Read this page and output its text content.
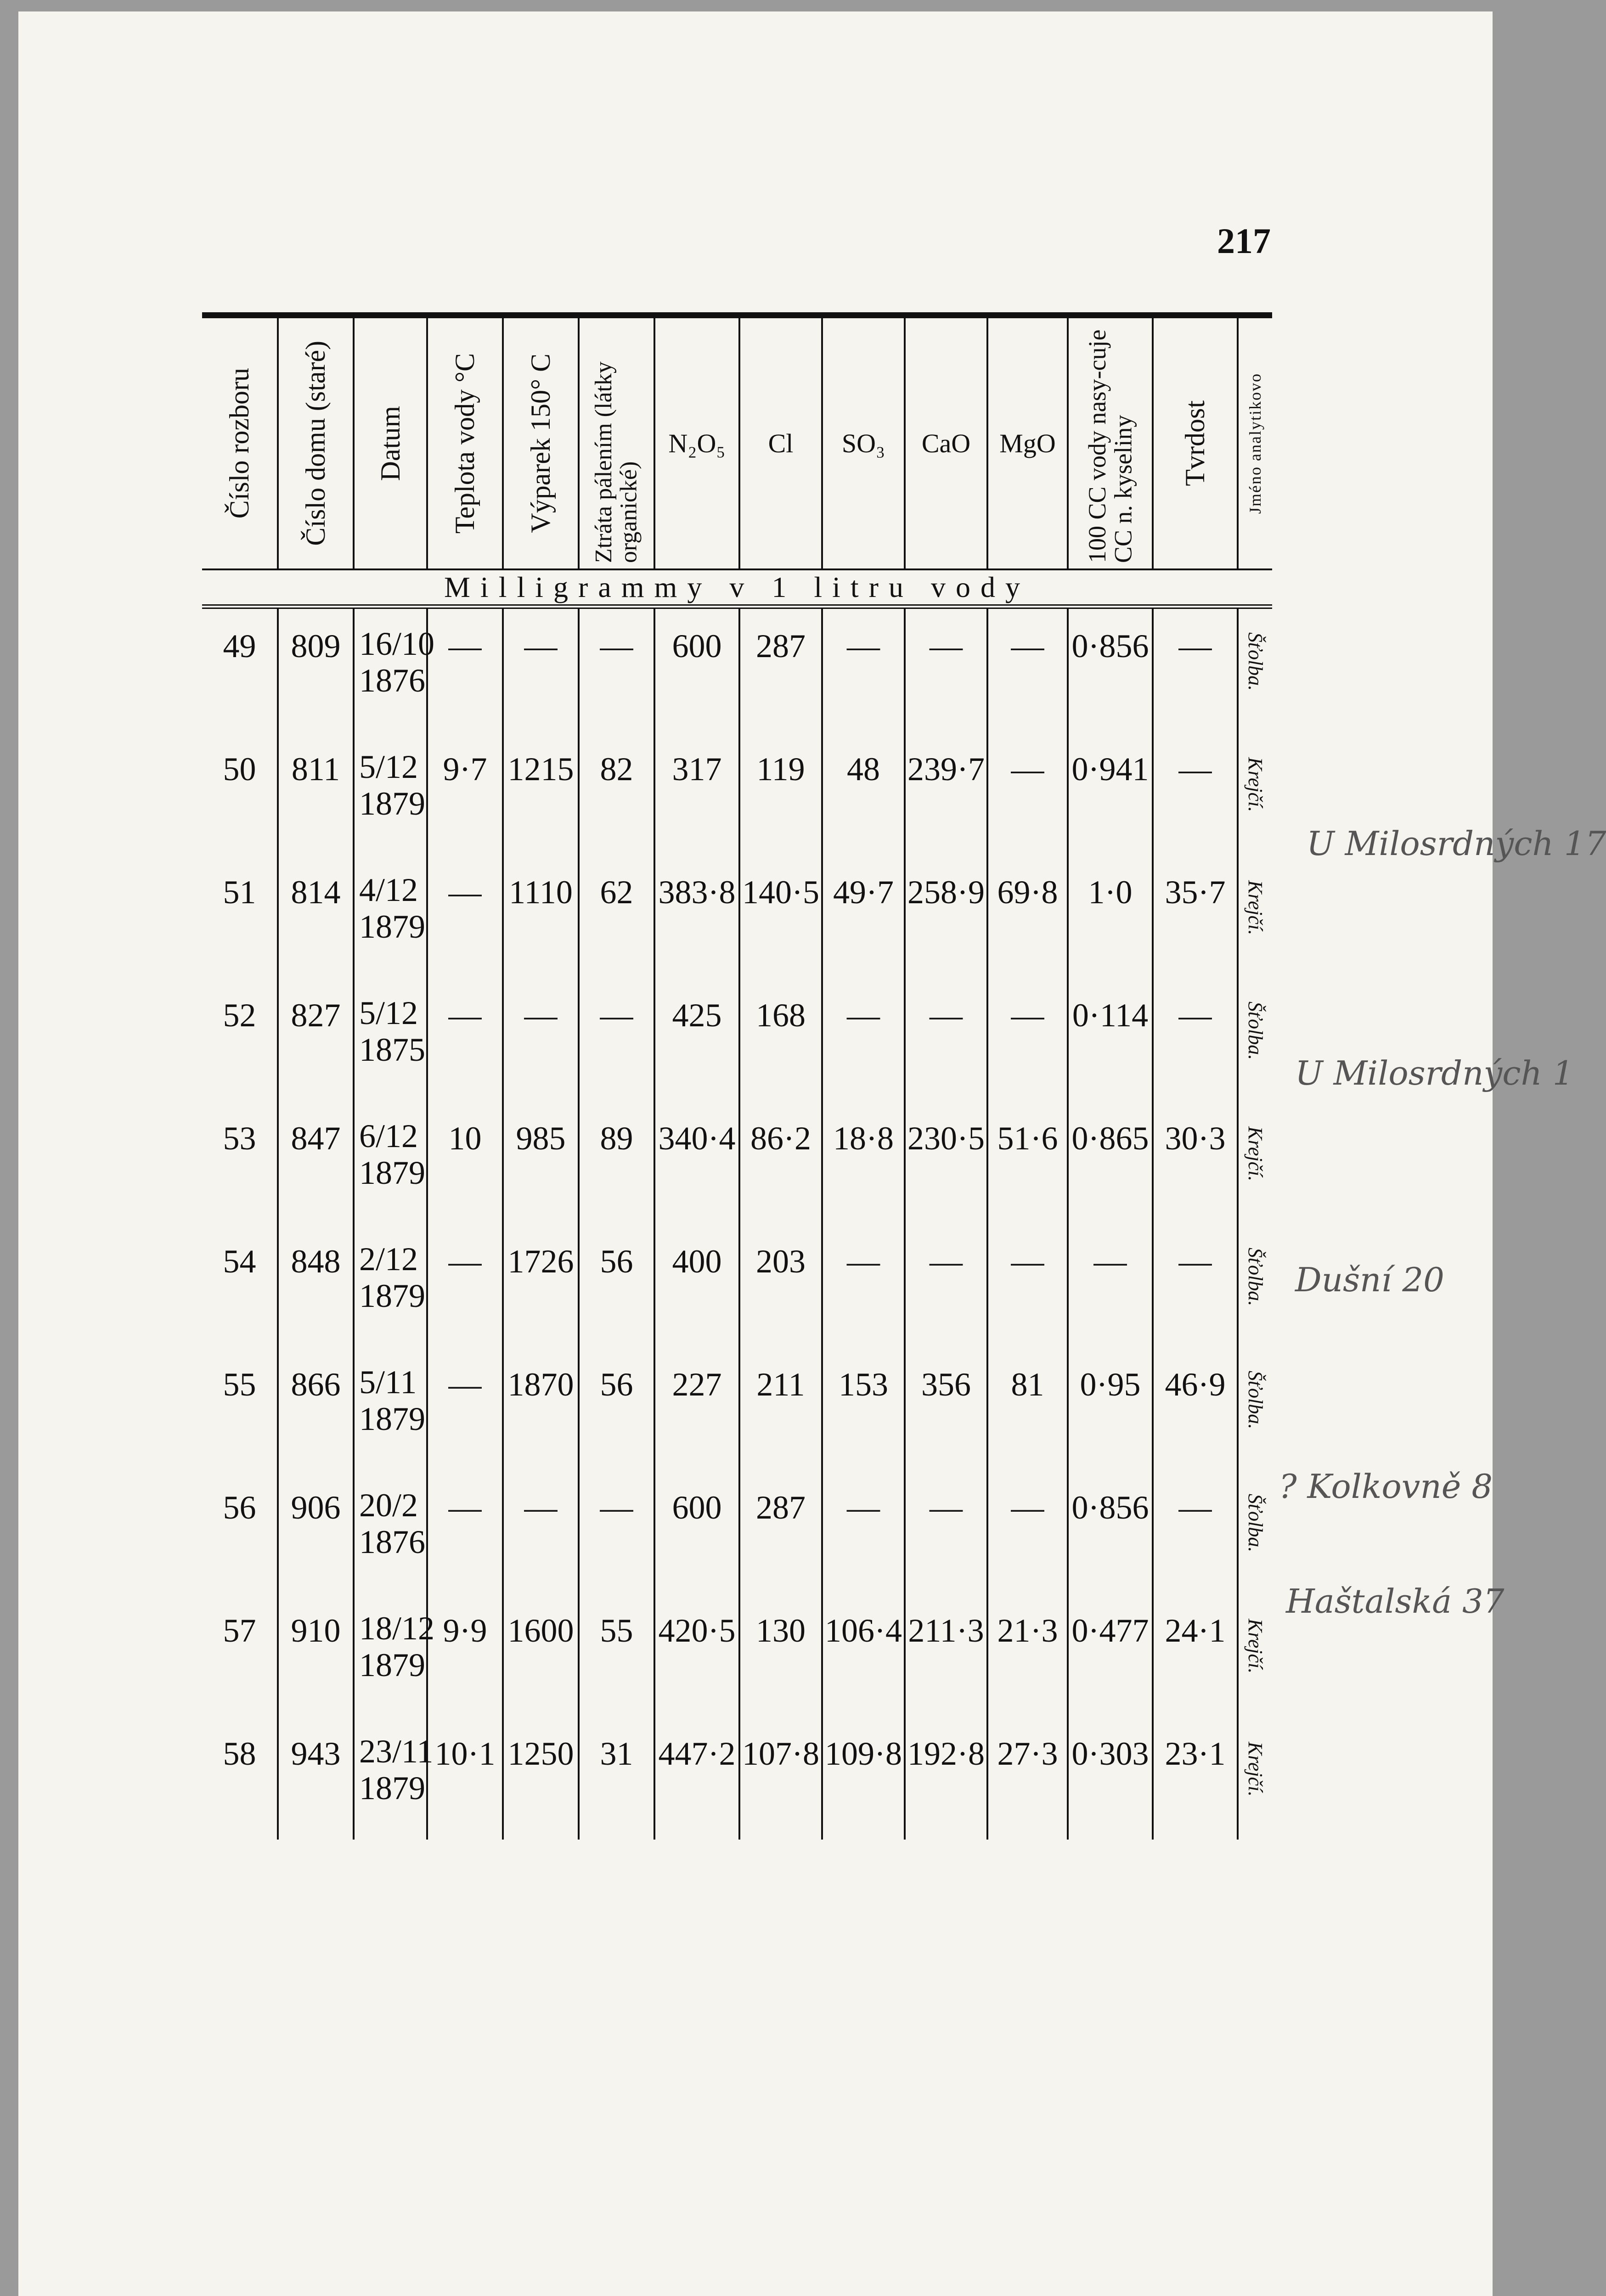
217
Číslo rozboru	Číslo domu (staré)	Datum	Teplota vody °C	Výparek 150° C	Ztráta pálením (látky organické)	N₂O₅	Cl	SO₃	CaO	MgO	100 CC vody nasy-cuje CC n. kyseliny	Tvrdost	Jméno analytikovo

Milligrammy v 1 litru vody													
49	809	16/10
1876	—	—	—	600	287	—	—	—	0·856	—	Šťolba.

50	811	5/12
1879	9·7	1215	82	317	119	48	239·7	—	0·941	—	Krejčí.

51	814	4/12
1879	—	1110	62	383·8	140·5	49·7	258·9	69·8	1·0	35·7	Krejčí.

52	827	5/12
1875	—	—	—	425	168	—	—	—	0·114	—	Šťolba.

53	847	6/12
1879	10	985	89	340·4	86·2	18·8	230·5	51·6	0·865	30·3	Krejčí.

54	848	2/12
1879	—	1726	56	400	203	—	—	—	—	—	Šťolba.

55	866	5/11
1879	—	1870	56	227	211	153	356	81	0·95	46·9	Šťolba.

56	906	20/2
1876	—	—	—	600	287	—	—	—	0·856	—	Šťolba.

57	910	18/12
1879	9·9	1600	55	420·5	130	106·4	211·3	21·3	0·477	24·1	Krejčí.

58	943	23/11
1879	10·1	1250	31	447·2	107·8	109·8	192·8	27·3	0·303	23·1	Krejčí.
U Milosrdných 17
U Milosrdných 1
Dušní 20
? Kolkovně 8
Haštalská 37
